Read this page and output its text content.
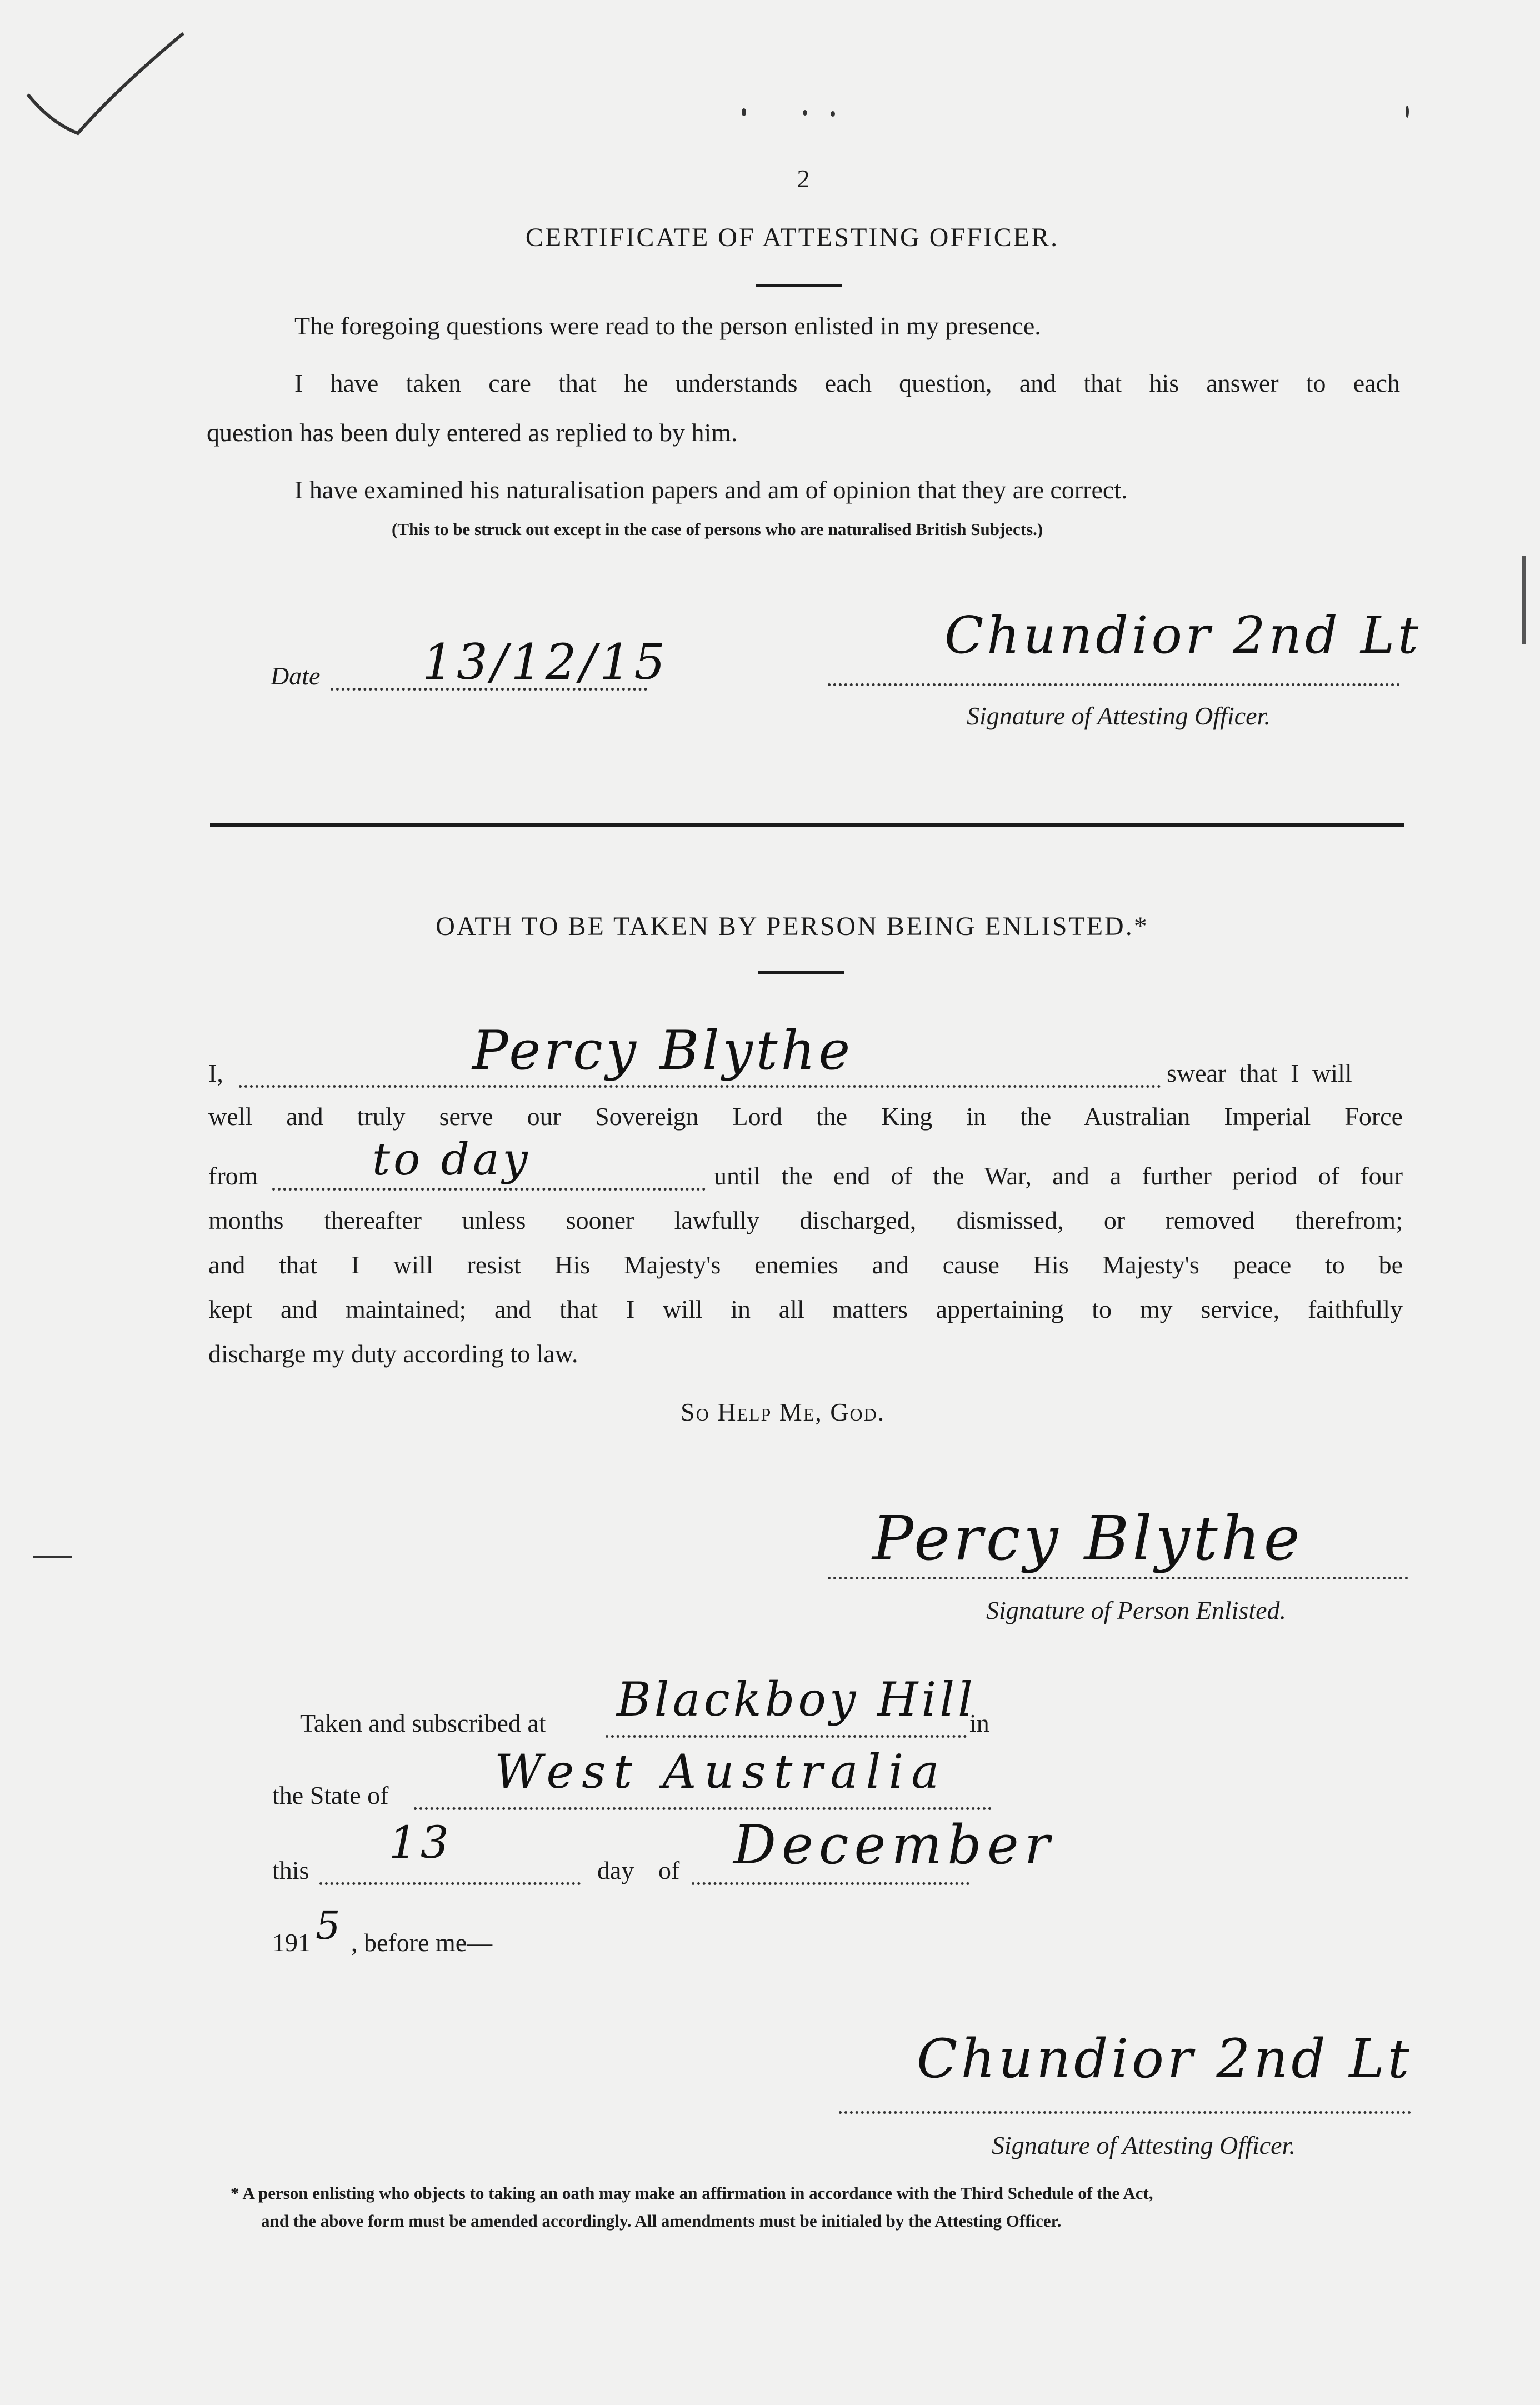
2
CERTIFICATE OF ATTESTING OFFICER.
The foregoing questions were read to the person enlisted in my presence.
I have taken care that he understands each question, and that his answer to each
question has been duly entered as replied to by him.
I have examined his naturalisation papers and am of opinion that they are correct.
(This to be struck out except in the case of persons who are naturalised British Subjects.)
Date 13/12/15	Chundior 2nd Lt
Signature of Attesting Officer.
OATH TO BE TAKEN BY PERSON BEING ENLISTED.*
I,	Percy Blythe	swear that I will
well and truly serve our Sovereign Lord the King in the Australian Imperial Force
from	to day	until the end of the War, and a further period of four
months thereafter unless sooner lawfully discharged, dismissed, or removed therefrom;
and that I will resist His Majesty's enemies and cause His Majesty's peace to be
kept and maintained; and that I will in all matters appertaining to my service, faithfully
discharge my duty according to law.
So Help Me, God.
Percy Blythe
Signature of Person Enlisted.
Taken and subscribed at Blackboy Hill
in
the State of West Australia
this
13
day of December
191 5 , before me—
Chundior 2nd Lt
Signature of Attesting Officer.
* A person enlisting who objects to taking an oath may make an affirmation in accordance with the Third Schedule of the Act,
and the above form must be amended accordingly. All amendments must be initialed by the Attesting Officer.
